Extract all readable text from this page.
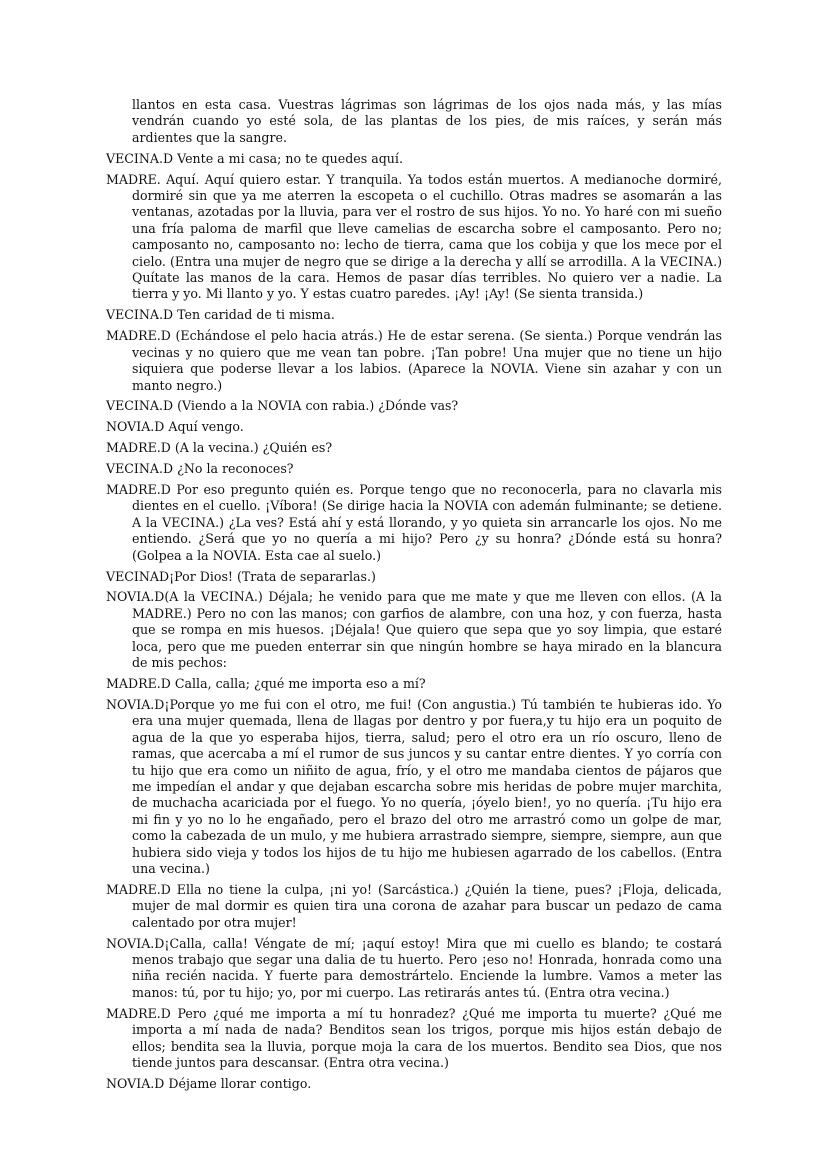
llantos en esta casa. Vuestras lágrimas son lágrimas de los ojos nada más, y las mías vendrán cuando yo esté sola, de las plantas de los pies, de mis raíces, y serán más ardientes que la sangre.

VECINA.D Vente a mi casa; no te quedes aquí.

MADRE. Aquí. Aquí quiero estar. Y tranquila. Ya todos están muertos. A medianoche dormiré, dormiré sin que ya me aterren la escopeta o el cuchillo. Otras madres se asomarán a las ventanas, azotadas por la lluvia, para ver el rostro de sus hijos. Yo no. Yo haré con mi sueño una fría paloma de marfil que lleve camelias de escarcha sobre el camposanto. Pero no; camposanto no, camposanto no: lecho de tierra, cama que los cobija y que los mece por el cielo. (Entra una mujer de negro que se dirige a la derecha y allí se arrodilla. A la VECINA.) Quítate las manos de la cara. Hemos de pasar días terribles. No quiero ver a nadie. La tierra y yo. Mi llanto y yo. Y estas cuatro paredes. ¡Ay! ¡Ay! (Se sienta transida.)

VECINA.D Ten caridad de ti misma.

MADRE.D (Echándose el pelo hacia atrás.) He de estar serena. (Se sienta.) Porque vendrán las vecinas y no quiero que me vean tan pobre. ¡Tan pobre! Una mujer que no tiene un hijo siquiera que poderse llevar a los labios. (Aparece la NOVIA. Viene sin azahar y con un manto negro.)

VECINA.D (Viendo a la NOVIA con rabia.) ¿Dónde vas?

NOVIA.D Aquí vengo.

MADRE.D (A la vecina.) ¿Quién es?

VECINA.D ¿No la reconoces?

MADRE.D Por eso pregunto quién es. Porque tengo que no reconocerla, para no clavarla mis dientes en el cuello. ¡Víbora! (Se dirige hacia la NOVIA con ademán fulminante; se detiene. A la VECINA.) ¿La ves? Está ahí y está llorando, y yo quieta sin arrancarle los ojos. No me entiendo. ¿Será que yo no quería a mi hijo? Pero ¿y su honra? ¿Dónde está su honra? (Golpea a la NOVIA. Esta cae al suelo.)

VECINAD¡Por Dios! (Trata de separarlas.)

NOVIA.D(A la VECINA.) Déjala; he venido para que me mate y que me lleven con ellos. (A la MADRE.) Pero no con las manos; con garfios de alambre, con una hoz, y con fuerza, hasta que se rompa en mis huesos. ¡Déjala! Que quiero que sepa que yo soy limpia, que estaré loca, pero que me pueden enterrar sin que ningún hombre se haya mirado en la blancura de mis pechos:

MADRE.D Calla, calla; ¿qué me importa eso a mí?

NOVIA.D¡Porque yo me fui con el otro, me fui! (Con angustia.) Tú también te hubieras ido. Yo era una mujer quemada, llena de llagas por dentro y por fuera,y tu hijo era un poquito de agua de la que yo esperaba hijos, tierra, salud; pero el otro era un río oscuro, lleno de ramas, que acercaba a mí el rumor de sus juncos y su cantar entre dientes. Y yo corría con tu hijo que era como un niñito de agua, frío, y el otro me mandaba cientos de pájaros que me impedían el andar y que dejaban escarcha sobre mis heridas de pobre mujer marchita, de muchacha acariciada por el fuego. Yo no quería, ¡óyelo bien!, yo no quería. ¡Tu hijo era mi fin y yo no lo he engañado, pero el brazo del otro me arrastró como un golpe de mar, como la cabezada de un mulo, y me hubiera arrastrado siempre, siempre, siempre, aun que hubiera sido vieja y todos los hijos de tu hijo me hubiesen agarrado de los cabellos. (Entra una vecina.)

MADRE.D Ella no tiene la culpa, ¡ni yo! (Sarcástica.) ¿Quién la tiene, pues? ¡Floja, delicada, mujer de mal dormir es quien tira una corona de azahar para buscar un pedazo de cama calentado por otra mujer!

NOVIA.D¡Calla, calla! Véngate de mí; ¡aquí estoy! Mira que mi cuello es blando; te costará menos trabajo que segar una dalia de tu huerto. Pero ¡eso no! Honrada, honrada como una niña recién nacida. Y fuerte para demostrártelo. Enciende la lumbre. Vamos a meter las manos: tú, por tu hijo; yo, por mi cuerpo. Las retirarás antes tú. (Entra otra vecina.)

MADRE.D Pero ¿qué me importa a mí tu honradez? ¿Qué me importa tu muerte? ¿Qué me importa a mí nada de nada? Benditos sean los trigos, porque mis hijos están debajo de ellos; bendita sea la lluvia, porque moja la cara de los muertos. Bendito sea Dios, que nos tiende juntos para descansar. (Entra otra vecina.)

NOVIA.D Déjame llorar contigo.
